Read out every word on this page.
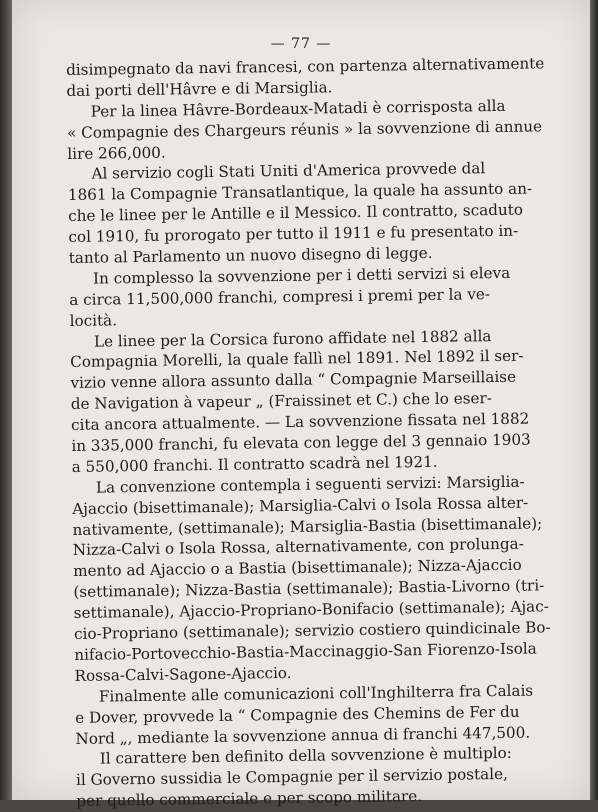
— 77 —
disimpegnato da navi francesi, con partenza alternativamente
dai porti dell'Hâvre e di Marsiglia.
Per la linea Hâvre-Bordeaux-Matadi è corrisposta alla
« Compagnie des Chargeurs réunis » la sovvenzione di annue
lire 266,000.
Al servizio cogli Stati Uniti d'America provvede dal
1861 la Compagnie Transatlantique, la quale ha assunto an-
che le linee per le Antille e il Messico. Il contratto, scaduto
col 1910, fu prorogato per tutto il 1911 e fu presentato in-
tanto al Parlamento un nuovo disegno di legge.
In complesso la sovvenzione per i detti servizi si eleva
a circa 11,500,000 franchi, compresi i premi per la ve-
locità.
Le linee per la Corsica furono affidate nel 1882 alla
Compagnia Morelli, la quale fallì nel 1891. Nel 1892 il ser-
vizio venne allora assunto dalla “ Compagnie Marseillaise
de Navigation à vapeur „ (Fraissinet et C.) che lo eser-
cita ancora attualmente. — La sovvenzione fissata nel 1882
in 335,000 franchi, fu elevata con legge del 3 gennaio 1903
a 550,000 franchi. Il contratto scadrà nel 1921.
La convenzione contempla i seguenti servizi: Marsiglia-
Ajaccio (bisettimanale); Marsiglia-Calvi o Isola Rossa alter-
nativamente, (settimanale); Marsiglia-Bastia (bisettimanale);
Nizza-Calvi o Isola Rossa, alternativamente, con prolunga-
mento ad Ajaccio o a Bastia (bisettimanale); Nizza-Ajaccio
(settimanale); Nizza-Bastia (settimanale); Bastia-Livorno (tri-
settimanale), Ajaccio-Propriano-Bonifacio (settimanale); Ajac-
cio-Propriano (settimanale); servizio costiero quindicinale Bo-
nifacio-Portovecchio-Bastia-Maccinaggio-San Fiorenzo-Isola
Rossa-Calvi-Sagone-Ajaccio.
Finalmente alle comunicazioni coll'Inghilterra fra Calais
e Dover, provvede la “ Compagnie des Chemins de Fer du
Nord „, mediante la sovvenzione annua di franchi 447,500.
Il carattere ben definito della sovvenzione è multiplo:
il Governo sussidia le Compagnie per il servizio postale,
per quello commerciale e per scopo militare.
